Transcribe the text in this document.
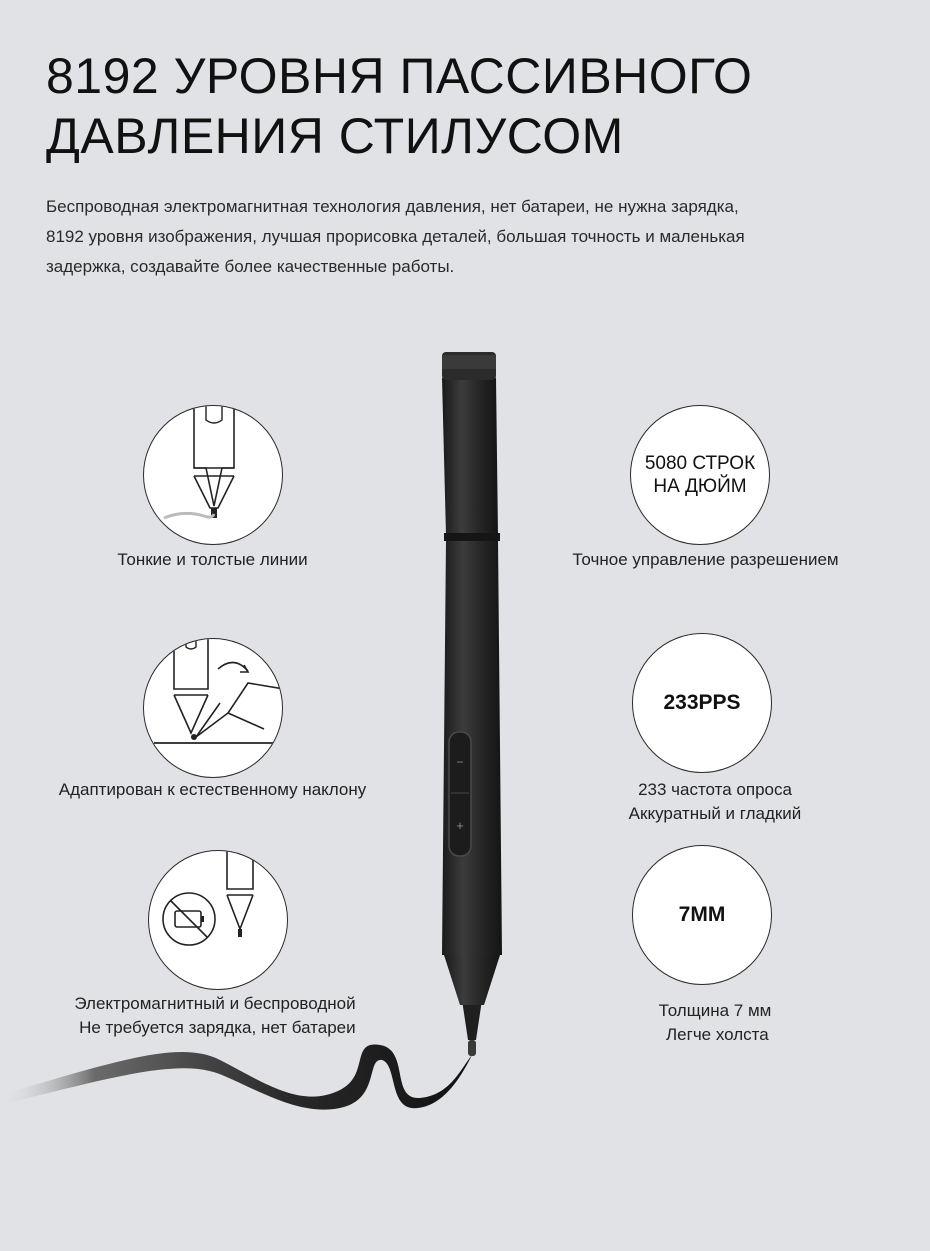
8192 УРОВНЯ ПАССИВНОГО
ДАВЛЕНИЯ СТИЛУСОМ

Беспроводная электромагнитная технология давления, нет батареи, не нужна зарядка,
8192 уровня изображения, лучшая прорисовка деталей, большая точность и маленькая
задержка, создавайте более качественные работы.

−
+
Тонкие и толстые линии
Адаптирован к естественному наклону
Электромагнитный и беспроводной
Не требуется зарядка, нет батареи
5080 СТРОК
НА ДЮЙМ
Точное управление разрешением
233PPS
233 частота опроса
Аккуратный и гладкий
7MM
Толщина 7 мм
Легче холста
